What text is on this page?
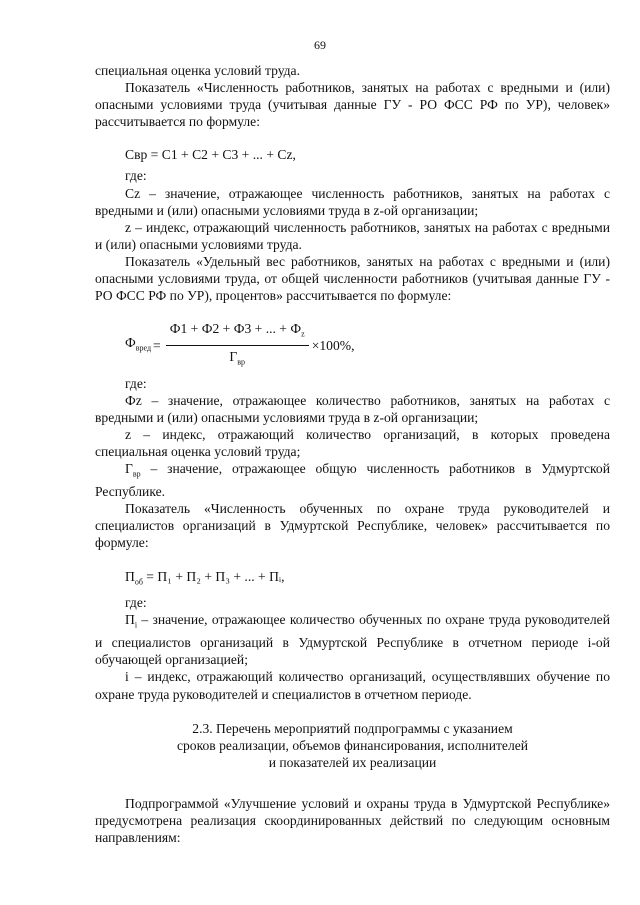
69

специальная оценка условий труда.

Показатель «Численность работников, занятых на работах с вредными и (или) опасными условиями труда (учитывая данные ГУ - РО ФСС РФ по УР), человек» рассчитывается по формуле:

Свр = С1 + С2 + С3 + ... + Сz,

где:

Сz – значение, отражающее численность работников, занятых на работах с вредными и (или) опасными условиями труда в z-ой организации;

z – индекс, отражающий численность работников, занятых на работах с вредными и (или) опасными условиями труда.

Показатель «Удельный вес работников, занятых на работах с вредными и (или) опасными условиями труда, от общей численности работников (учитывая данные ГУ - РО ФСС РФ по УР), процентов» рассчитывается по формуле:

$Ф_{вред} = \frac{Ф1 + Ф2 + Ф3 + ... + Ф_z}{Г_{вр}} \times 100\%$,

где:

Фz – значение, отражающее количество работников, занятых на работах с вредными и (или) опасными условиями труда в z-ой организации;

z – индекс, отражающий количество организаций, в которых проведена специальная оценка условий труда;

$Г_{вр}$ – значение, отражающее общую численность работников в Удмуртской Республике.

Показатель «Численность обученных по охране труда руководителей и специалистов организаций в Удмуртской Республике, человек» рассчитывается по формуле:

$П_{об} = П_1 + П_2 + П_3$ + ... + Пᵢ,

где:

$П_i$ – значение, отражающее количество обученных по охране труда руководителей и специалистов организаций в Удмуртской Республике в отчетном периоде i-ой обучающей организацией;

i – индекс, отражающий количество организаций, осуществлявших обучение по охране труда руководителей и специалистов в отчетном периоде.

2.3. Перечень мероприятий подпрограммы с указанием

сроков реализации, объемов финансирования, исполнителей

и показателей их реализации

Подпрограммой «Улучшение условий и охраны труда в Удмуртской Республике» предусмотрена реализация скоординированных действий по следующим основным направлениям:
